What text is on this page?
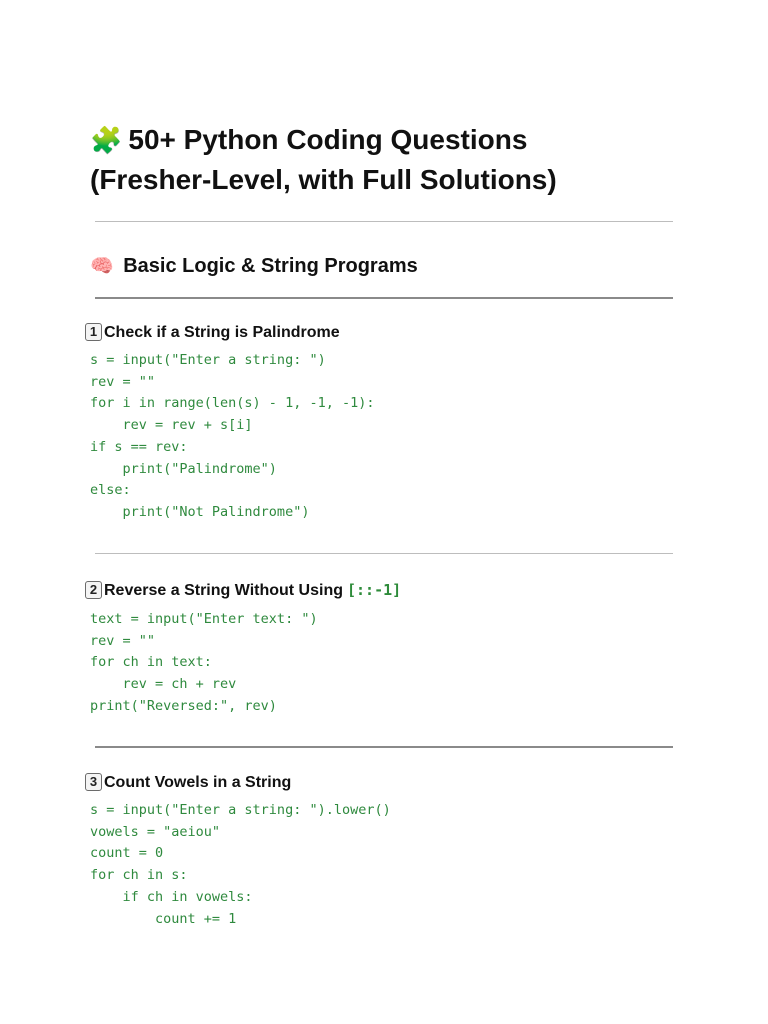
🧩 50+ Python Coding Questions
(Fresher-Level, with Full Solutions)
🧠 Basic Logic & String Programs
1 Check if a String is Palindrome
s = input("Enter a string: ")
rev = ""
for i in range(len(s) - 1, -1, -1):
rev = rev + s[i]
if s == rev:
print("Palindrome")
else:
print("Not Palindrome")
2 Reverse a String Without Using [::-1]
text = input("Enter text: ")
rev = ""
for ch in text:
rev = ch + rev
print("Reversed:", rev)
3 Count Vowels in a String
s = input("Enter a string: ").lower()
vowels = "aeiou"
count = 0
for ch in s:
if ch in vowels:
count += 1
